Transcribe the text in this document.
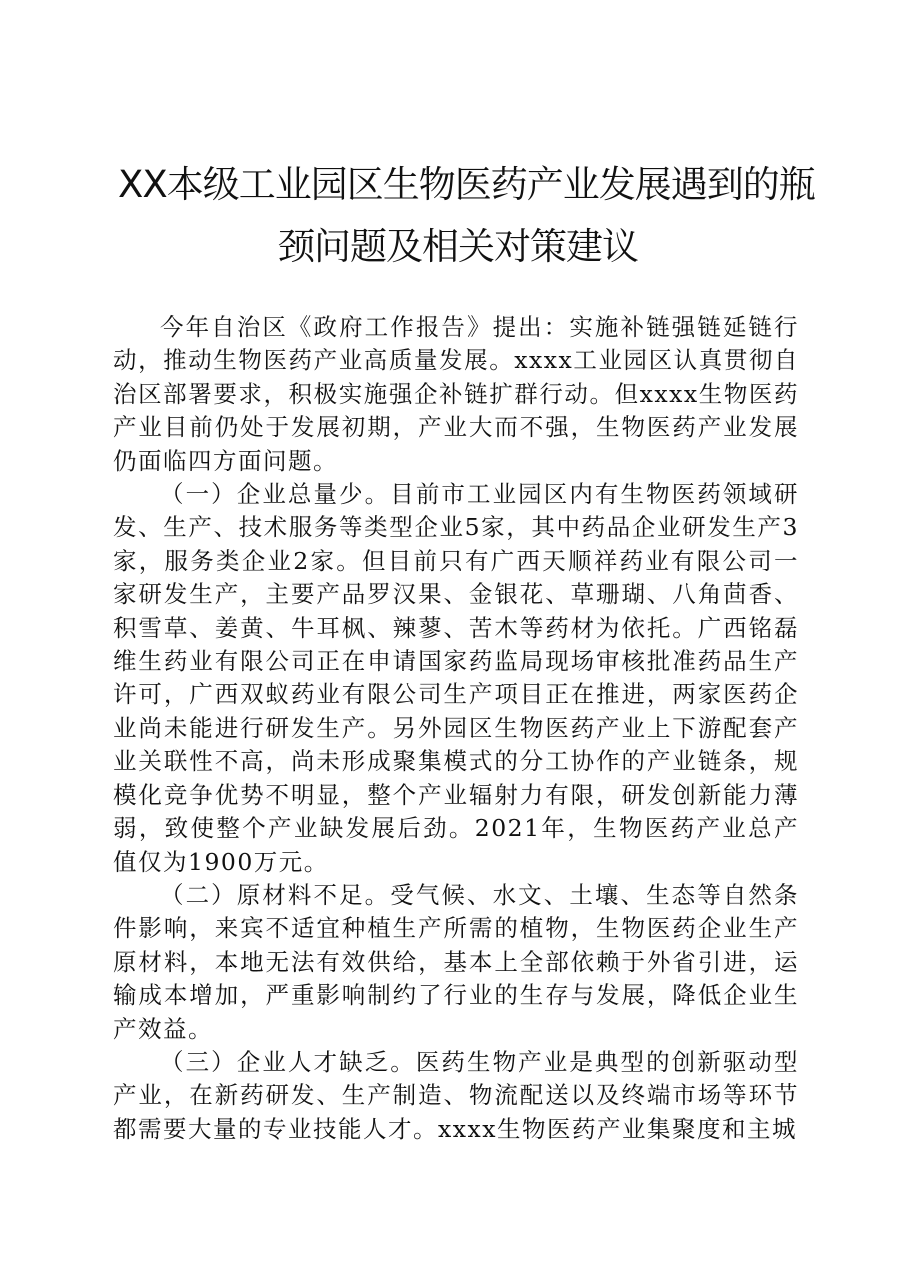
XX本级工业园区生物医药产业发展遇到的瓶
颈问题及相关对策建议

今年自治区《政府工作报告》提出：实施补链强链延链行动，推动生物医药产业高质量发展。xxxx工业园区认真贯彻自治区部署要求，积极实施强企补链扩群行动。但xxxx生物医药产业目前仍处于发展初期，产业大而不强，生物医药产业发展仍面临四方面问题。

（一）企业总量少。目前市工业园区内有生物医药领域研发、生产、技术服务等类型企业5家，其中药品企业研发生产3家，服务类企业2家。但目前只有广西天顺祥药业有限公司一家研发生产，主要产品罗汉果、金银花、草珊瑚、八角茴香、积雪草、姜黄、牛耳枫、辣蓼、苦木等药材为依托。广西铭磊维生药业有限公司正在申请国家药监局现场审核批准药品生产许可，广西双蚁药业有限公司生产项目正在推进，两家医药企业尚未能进行研发生产。另外园区生物医药产业上下游配套产业关联性不高，尚未形成聚集模式的分工协作的产业链条，规模化竞争优势不明显，整个产业辐射力有限，研发创新能力薄弱，致使整个产业缺发展后劲。2021年，生物医药产业总产值仅为1900万元。

（二）原材料不足。受气候、水文、土壤、生态等自然条件影响，来宾不适宜种植生产所需的植物，生物医药企业生产原材料，本地无法有效供给，基本上全部依赖于外省引进，运输成本增加，严重影响制约了行业的生存与发展，降低企业生产效益。

（三）企业人才缺乏。医药生物产业是典型的创新驱动型产业，在新药研发、生产制造、物流配送以及终端市场等环节都需要大量的专业技能人才。xxxx生物医药产业集聚度和主城
